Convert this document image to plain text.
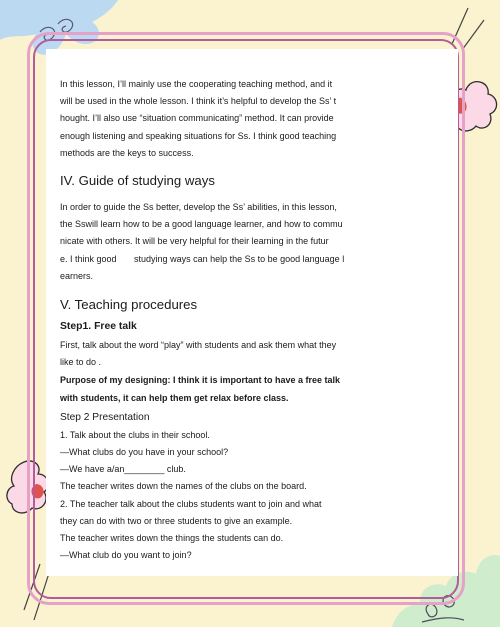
In this lesson, I’ll mainly use the cooperating teaching method, and it

will be used in the whole lesson. I think it’s helpful to develop the Ss’ t

hought. I’ll also use “situation communicating” method. It can provide

enough listening and speaking situations for Ss. I think good teaching

methods are the keys to success.

IV. Guide of studying ways

In order to guide the Ss better, develop the Ss’ abilities, in this lesson,

the Sswill learn how to be a good language learner, and how to commu

nicate with others. It will be very helpful for their learning in the futur

e. I think good       studying ways can help the Ss to be good language l

earners.

V. Teaching procedures

Step1. Free talk

First, talk about the word “play” with students and ask them what they

like to do .

Purpose of my designing: I think it is important to have a free talk

with students, it can help them get relax before class.

Step 2 Presentation

1. Talk about the clubs in their school.

—What clubs do you have in your school?

—We have a/an________ club.

The teacher writes down the names of the clubs on the board.

2. The teacher talk about the clubs students want to join and what

they can do with two or three students to give an example.

The teacher writes down the things the students can do.

—What club do you want to join?
